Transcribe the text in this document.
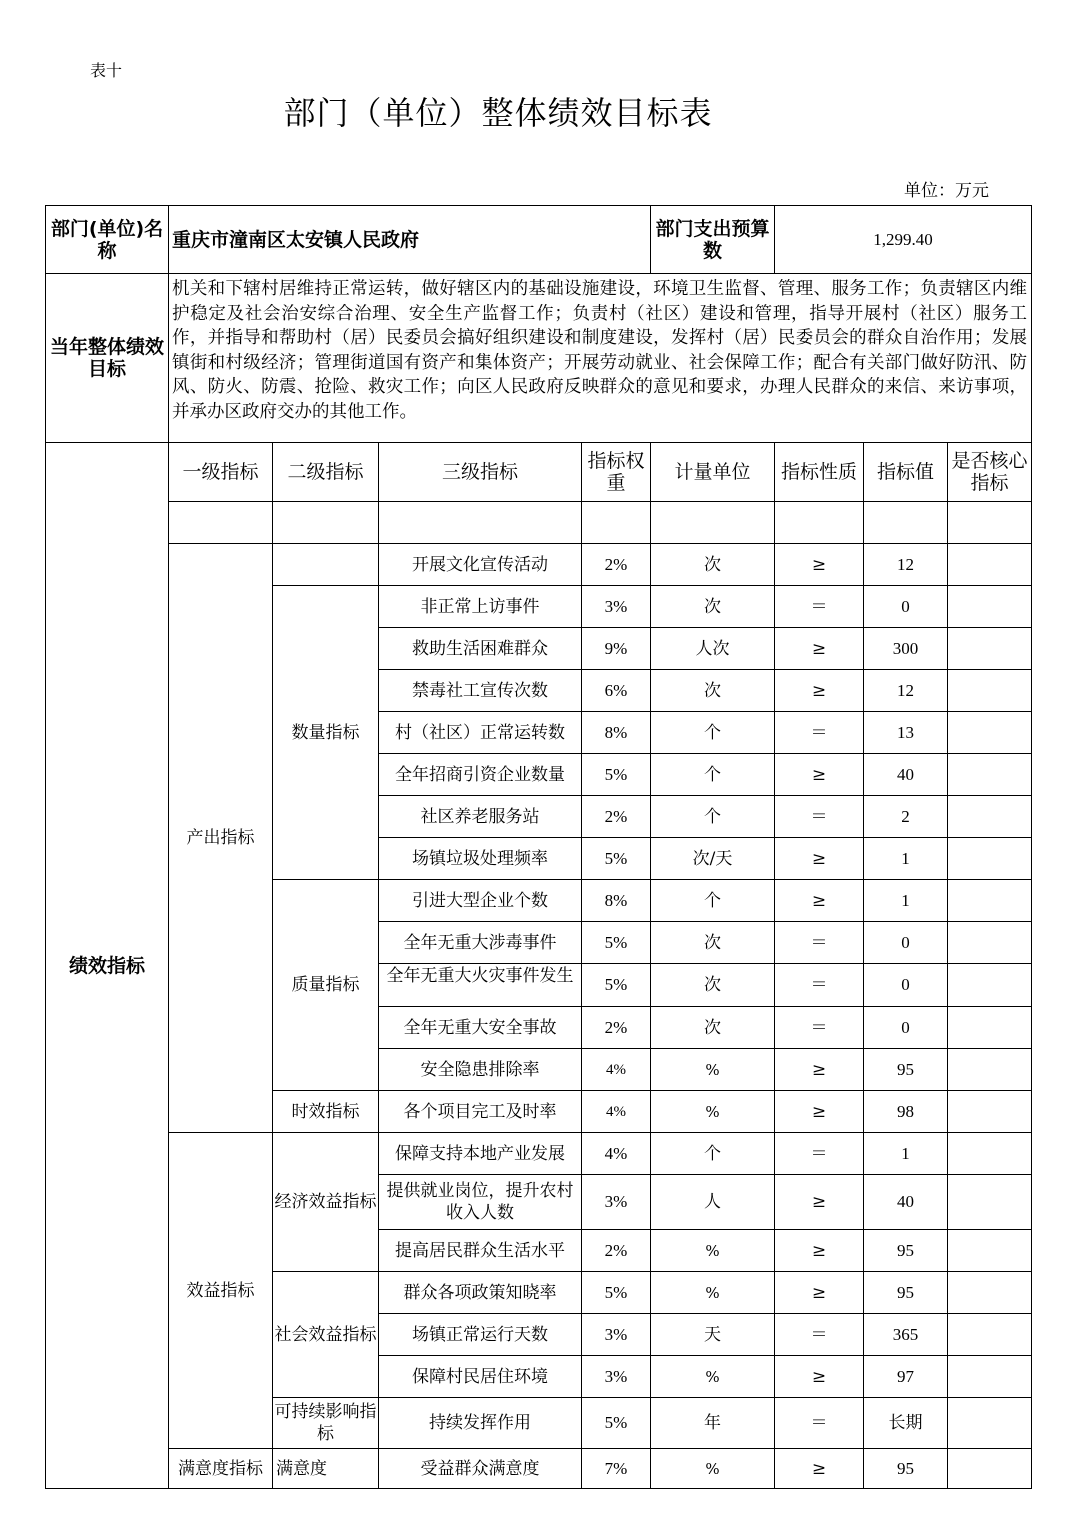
表十
部门（单位）整体绩效目标表
单位：万元
部门(单位)名称	重庆市潼南区太安镇人民政府				部门支出预算数	1,299.40		
当年整体绩效目标	机关和下辖村居维持正常运转，做好辖区内的基础设施建设，环境卫生监督、管理、服务工作；负责辖区内维护稳定及社会治安综合治理、安全生产监督工作；负责村（社区）建设和管理，指导开展村（社区）服务工作，并指导和帮助村（居）民委员会搞好组织建设和制度建设，发挥村（居）民委员会的群众自治作用；发展镇街和村级经济；管理街道国有资产和集体资产；开展劳动就业、社会保障工作；配合有关部门做好防汛、防风、防火、防震、抢险、救灾工作；向区人民政府反映群众的意见和要求，办理人民群众的来信、来访事项，并承办区政府交办的其他工作。							

绩效指标	一级指标	二级指标	三级指标	指标权重	计量单位	指标性质	指标值	是否核心指标

	产出指标		开展文化宣传活动	2%	次	≥	12	
		数量指标	非正常上访事件	3%	次	＝	0	
			救助生活困难群众	9%	人次	≥	300	
			禁毒社工宣传次数	6%	次	≥	12	
			村（社区）正常运转数	8%	个	＝	13	
			全年招商引资企业数量	5%	个	≥	40	
			社区养老服务站	2%	个	＝	2	
			场镇垃圾处理频率	5%	次/天	≥	1	
		质量指标	引进大型企业个数	8%	个	≥	1	
			全年无重大涉毒事件	5%	次	＝	0	

			全年无重大火灾事件发生	5%	次	＝	0	
			全年无重大安全事故	2%	次	＝	0	
			安全隐患排除率	4%	%	≥	95	
		时效指标	各个项目完工及时率	4%	%	≥	98	
	效益指标	经济效益指标	保障支持本地产业发展	4%	个	＝	1	
			提供就业岗位，提升农村收入人数	3%	人	≥	40	
			提高居民群众生活水平	2%	%	≥	95	
		社会效益指标	群众各项政策知晓率	5%	%	≥	95	
			场镇正常运行天数	3%	天	＝	365	
			保障村民居住环境	3%	%	≥	97	
		可持续影响指标	持续发挥作用	5%	年	＝	长期	
	满意度指标	满意度	受益群众满意度	7%	%	≥	95	
